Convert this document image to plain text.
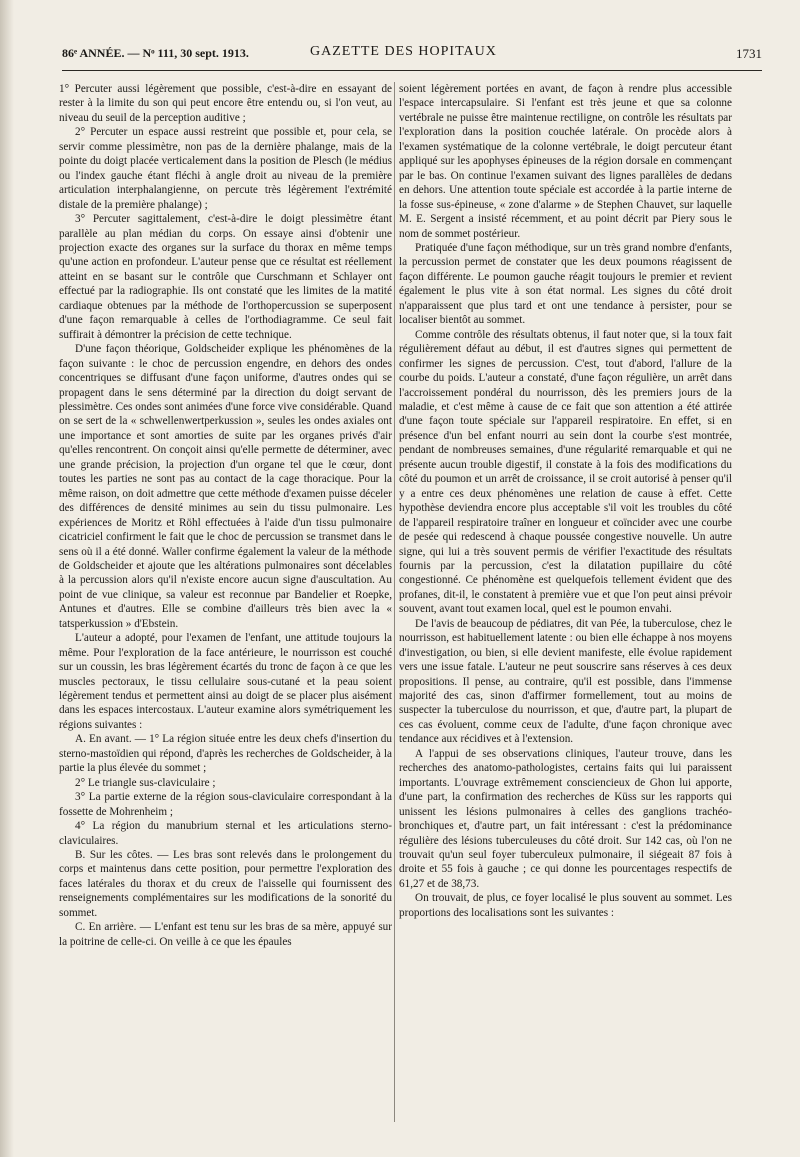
86ᵉ ANNÉE. — Nᵒ 111, 30 sept. 1913.	GAZETTE DES HOPITAUX	1731

1° Percuter aussi légèrement que possible, c'est-à-dire en essayant de rester à la limite du son qui peut encore être entendu ou, si l'on veut, au niveau du seuil de la perception auditive ;

2° Percuter un espace aussi restreint que possible et, pour cela, se servir comme plessimètre, non pas de la dernière phalange, mais de la pointe du doigt placée verticalement dans la position de Plesch (le médius ou l'index gauche étant fléchi à angle droit au niveau de la première articulation interphalangienne, on percute très légèrement l'extrémité distale de la première phalange) ;

3° Percuter sagittalement, c'est-à-dire le doigt plessimètre étant parallèle au plan médian du corps. On essaye ainsi d'obtenir une projection exacte des organes sur la surface du thorax en même temps qu'une action en profondeur. L'auteur pense que ce résultat est réellement atteint en se basant sur le contrôle que Curschmann et Schlayer ont effectué par la radiographie. Ils ont constaté que les limites de la matité cardiaque obtenues par la méthode de l'orthopercussion se superposent d'une façon remarquable à celles de l'orthodiagramme. Ce seul fait suffirait à démontrer la précision de cette technique.

D'une façon théorique, Goldscheider explique les phénomènes de la façon suivante : le choc de percussion engendre, en dehors des ondes concentriques se diffusant d'une façon uniforme, d'autres ondes qui se propagent dans le sens déterminé par la direction du doigt servant de plessimètre. Ces ondes sont animées d'une force vive considérable. Quand on se sert de la « schwellenwertperkussion », seules les ondes axiales ont une importance et sont amorties de suite par les organes privés d'air qu'elles rencontrent. On conçoit ainsi qu'elle permette de déterminer, avec une grande précision, la projection d'un organe tel que le cœur, dont toutes les parties ne sont pas au contact de la cage thoracique. Pour la même raison, on doit admettre que cette méthode d'examen puisse déceler des différences de densité minimes au sein du tissu pulmonaire. Les expériences de Moritz et Röhl effectuées à l'aide d'un tissu pulmonaire cicatriciel confirment le fait que le choc de percussion se transmet dans le sens où il a été donné. Waller confirme également la valeur de la méthode de Goldscheider et ajoute que les altérations pulmonaires sont décelables à la percussion alors qu'il n'existe encore aucun signe d'auscultation. Au point de vue clinique, sa valeur est reconnue par Bandelier et Roepke, Antunes et d'autres. Elle se combine d'ailleurs très bien avec la « tatsperkussion » d'Ebstein.

L'auteur a adopté, pour l'examen de l'enfant, une attitude toujours la même. Pour l'exploration de la face antérieure, le nourrisson est couché sur un coussin, les bras légèrement écartés du tronc de façon à ce que les muscles pectoraux, le tissu cellulaire sous-cutané et la peau soient légèrement tendus et permettent ainsi au doigt de se placer plus aisément dans les espaces intercostaux. L'auteur examine alors symétriquement les régions suivantes :

A. En avant. — 1° La région située entre les deux chefs d'insertion du sterno-mastoïdien qui répond, d'après les recherches de Goldscheider, à la partie la plus élevée du sommet ;

2° Le triangle sus-claviculaire ;

3° La partie externe de la région sous-claviculaire correspondant à la fossette de Mohrenheim ;

4° La région du manubrium sternal et les articulations sterno-claviculaires.

B. Sur les côtes. — Les bras sont relevés dans le prolongement du corps et maintenus dans cette position, pour permettre l'exploration des faces latérales du thorax et du creux de l'aisselle qui fournissent des renseignements complémentaires sur les modifications de la sonorité du sommet.

C. En arrière. — L'enfant est tenu sur les bras de sa mère, appuyé sur la poitrine de celle-ci. On veille à ce que les épaules

soient légèrement portées en avant, de façon à rendre plus accessible l'espace intercapsulaire. Si l'enfant est très jeune et que sa colonne vertébrale ne puisse être maintenue rectiligne, on contrôle les résultats par l'exploration dans la position couchée latérale. On procède alors à l'examen systématique de la colonne vertébrale, le doigt percuteur étant appliqué sur les apophyses épineuses de la région dorsale en commençant par le bas. On continue l'examen suivant des lignes parallèles de dedans en dehors. Une attention toute spéciale est accordée à la partie interne de la fosse sus-épineuse, « zone d'alarme » de Stephen Chauvet, sur laquelle M. E. Sergent a insisté récemment, et au point décrit par Piery sous le nom de sommet postérieur.

Pratiquée d'une façon méthodique, sur un très grand nombre d'enfants, la percussion permet de constater que les deux poumons réagissent de façon différente. Le poumon gauche réagit toujours le premier et revient également le plus vite à son état normal. Les signes du côté droit n'apparaissent que plus tard et ont une tendance à persister, pour se localiser bientôt au sommet.

Comme contrôle des résultats obtenus, il faut noter que, si la toux fait régulièrement défaut au début, il est d'autres signes qui permettent de confirmer les signes de percussion. C'est, tout d'abord, l'allure de la courbe du poids. L'auteur a constaté, d'une façon régulière, un arrêt dans l'accroissement pondéral du nourrisson, dès les premiers jours de la maladie, et c'est même à cause de ce fait que son attention a été attirée d'une façon toute spéciale sur l'appareil respiratoire. En effet, si en présence d'un bel enfant nourri au sein dont la courbe s'est montrée, pendant de nombreuses semaines, d'une régularité remarquable et qui ne présente aucun trouble digestif, il constate à la fois des modifications du côté du poumon et un arrêt de croissance, il se croit autorisé à penser qu'il y a entre ces deux phénomènes une relation de cause à effet. Cette hypothèse deviendra encore plus acceptable s'il voit les troubles du côté de l'appareil respiratoire traîner en longueur et coïncider avec une courbe de pesée qui redescend à chaque poussée congestive nouvelle. Un autre signe, qui lui a très souvent permis de vérifier l'exactitude des résultats fournis par la percussion, c'est la dilatation pupillaire du côté congestionné. Ce phénomène est quelquefois tellement évident que des profanes, dit-il, le constatent à première vue et que l'on peut ainsi prévoir souvent, avant tout examen local, quel est le poumon envahi.

De l'avis de beaucoup de pédiatres, dit van Pée, la tuberculose, chez le nourrisson, est habituellement latente : ou bien elle échappe à nos moyens d'investigation, ou bien, si elle devient manifeste, elle évolue rapidement vers une issue fatale. L'auteur ne peut souscrire sans réserves à ces deux propositions. Il pense, au contraire, qu'il est possible, dans l'immense majorité des cas, sinon d'affirmer formellement, tout au moins de suspecter la tuberculose du nourrisson, et que, d'autre part, la plupart de ces cas évoluent, comme ceux de l'adulte, d'une façon chronique avec tendance aux récidives et à l'extension.

A l'appui de ses observations cliniques, l'auteur trouve, dans les recherches des anatomo-pathologistes, certains faits qui lui paraissent importants. L'ouvrage extrêmement consciencieux de Ghon lui apporte, d'une part, la confirmation des recherches de Küss sur les rapports qui unissent les lésions pulmonaires à celles des ganglions trachéo-bronchiques et, d'autre part, un fait intéressant : c'est la prédominance régulière des lésions tuberculeuses du côté droit. Sur 142 cas, où l'on ne trouvait qu'un seul foyer tuberculeux pulmonaire, il siégeait 87 fois à droite et 55 fois à gauche ; ce qui donne les pourcentages respectifs de 61,27 et de 38,73.

On trouvait, de plus, ce foyer localisé le plus souvent au sommet. Les proportions des localisations sont les suivantes :
